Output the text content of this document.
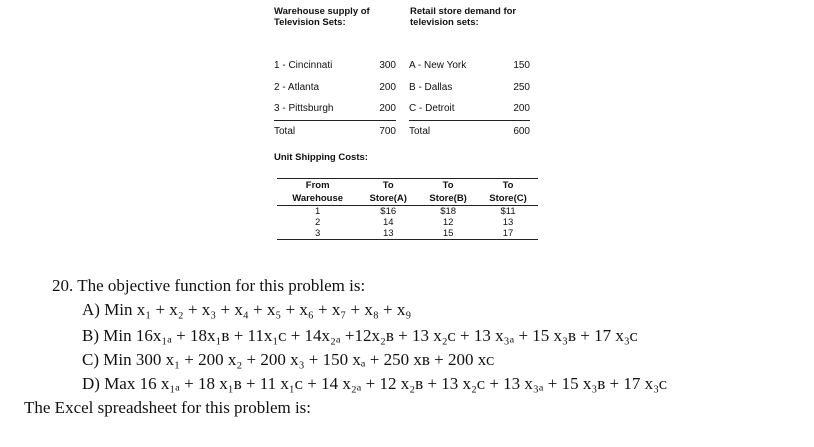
Warehouse supply of Television Sets:
Retail store demand for television sets:
1 - Cincinnati	300
2 - Atlanta	200
3 - Pittsburgh	200
Total	700
A - New York	150
B - Dallas	250
C - Detroit	200
Total	600
Unit Shipping Costs:
From	To	To	To
Warehouse	Store(A)	Store(B)	Store(C)
1	$16	$18	$11
2	14	12	13
3	13	15	17
20. The objective function for this problem is:
A) Min x₁ + x₂ + x₃ + x₄ + x₅ + x₆ + x₇ + x₈ + x₉
B) Min 16x₁ₐ + 18x₁ʙ + 11x₁ᴄ + 14x₂ₐ +12x₂ʙ + 13 x₂ᴄ + 13 x₃ₐ + 15 x₃ʙ + 17 x₃ᴄ
C) Min 300 x₁ + 200 x₂ + 200 x₃ + 150 xₐ + 250 xʙ + 200 xᴄ
D) Max 16 x₁ₐ + 18 x₁ʙ + 11 x₁ᴄ + 14 x₂ₐ + 12 x₂ʙ + 13 x₂ᴄ + 13 x₃ₐ + 15 x₃ʙ + 17 x₃ᴄ
The Excel spreadsheet for this problem is:
